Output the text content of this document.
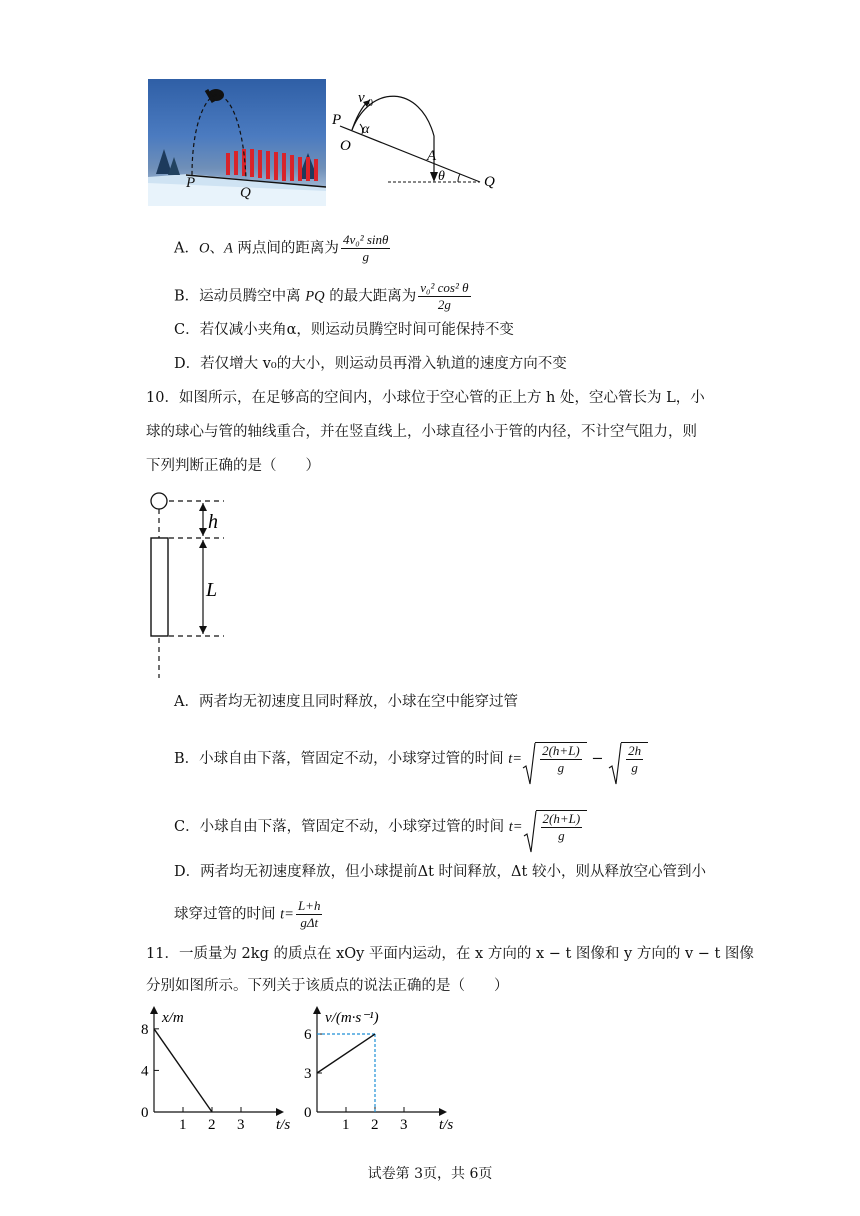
P
Q
v 0
P
O
α
A
θ	Q
A．O、A 两点间的距离为 $\frac{\text{4v₀² sinθ}}{g}$
B．运动员腾空中离 PQ 的最大距离为 $\frac{\text{v₀² cos² θ}}{2g}$
C．若仅减小夹角α，则运动员腾空时间可能保持不变
D．若仅增大 v₀的大小，则运动员再滑入轨道的速度方向不变
10．如图所示，在足够高的空间内，小球位于空心管的正上方 h 处，空心管长为 L，小
球的球心与管的轴线重合，并在竖直线上，小球直径小于管的内径，不计空气阻力，则
下列判断正确的是（　　）
h
L
A．两者均无初速度且同时释放，小球在空中能穿过管
B．小球自由下落，管固定不动，小球穿过管的时间 $t= \frac{2(h+L)}{g} - \frac{2h}{g}$
C．小球自由下落，管固定不动，小球穿过管的时间 $t= \frac{2(h+L)}{g}$
D．两者均无初速度释放，但小球提前Δt 时间释放，Δt 较小，则从释放空心管到小
球穿过管的时间 $t= \frac{L+h}{\text{gΔt}}$
11．一质量为 2kg 的质点在 xOy 平面内运动，在 x 方向的 x − t 图像和 y 方向的 v − t 图像
分别如图所示。下列关于该质点的说法正确的是（　　）
x/m
t/s
0
1 2 3
4
8
v/(m·s⁻¹)
t/s
0
1 2 3
3
6
试卷第 3页，共 6页
